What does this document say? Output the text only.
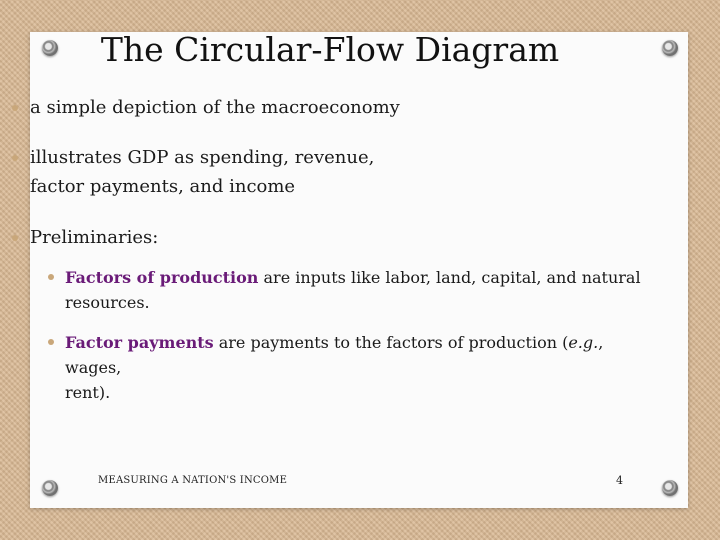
The Circular-Flow Diagram
a simple depiction of the macroeconomy
illustrates GDP as spending, revenue,
factor payments, and income
Preliminaries:
Factors of production are inputs like labor, land, capital, and natural
resources.
Factor payments are payments to the factors of production (e.g., wages,
rent).
MEASURING A NATION'S INCOME	4
